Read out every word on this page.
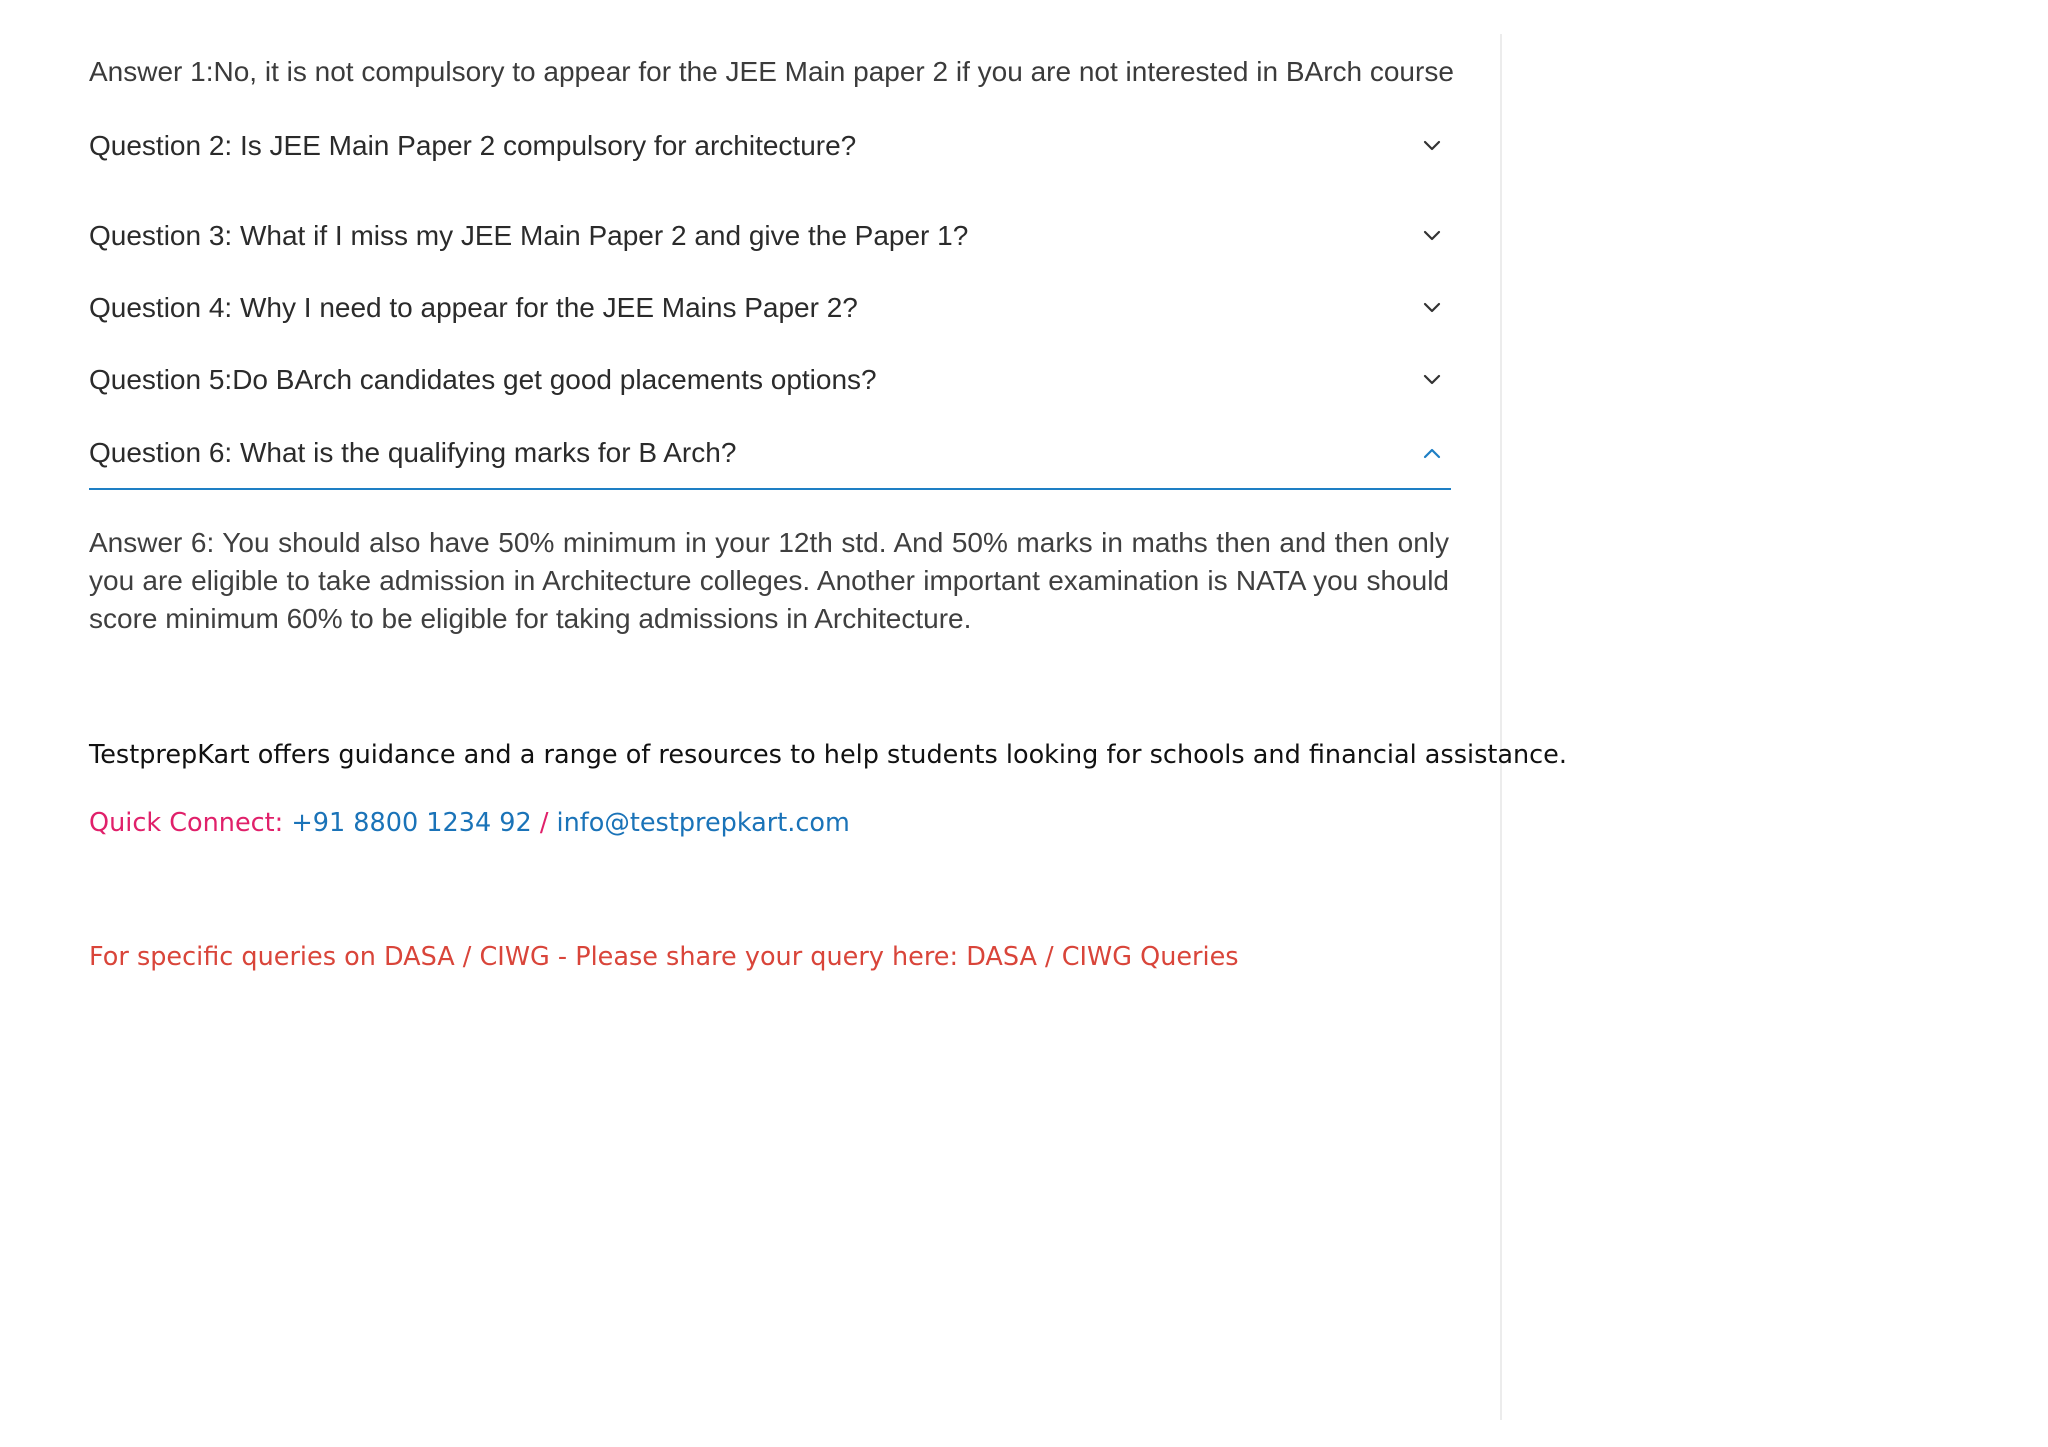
Answer 1:No, it is not compulsory to appear for the JEE Main paper 2 if you are not interested in BArch course
Question 2: Is JEE Main Paper 2 compulsory for architecture?
Question 3: What if I miss my JEE Main Paper 2 and give the Paper 1?
Question 4: Why I need to appear for the JEE Mains Paper 2?
Question 5:Do BArch candidates get good placements options?
Question 6: What is the qualifying marks for B Arch?
Answer 6: You should also have 50% minimum in your 12th std. And 50% marks in maths then and then only you are eligible to take admission in Architecture colleges. Another important examination is NATA you should score minimum 60% to be eligible for taking admissions in Architecture.
TestprepKart offers guidance and a range of resources to help students looking for schools and financial assistance.
Quick Connect: +91 8800 1234 92 / info@testprepkart.com
For specific queries on DASA / CIWG - Please share your query here: DASA / CIWG Queries
